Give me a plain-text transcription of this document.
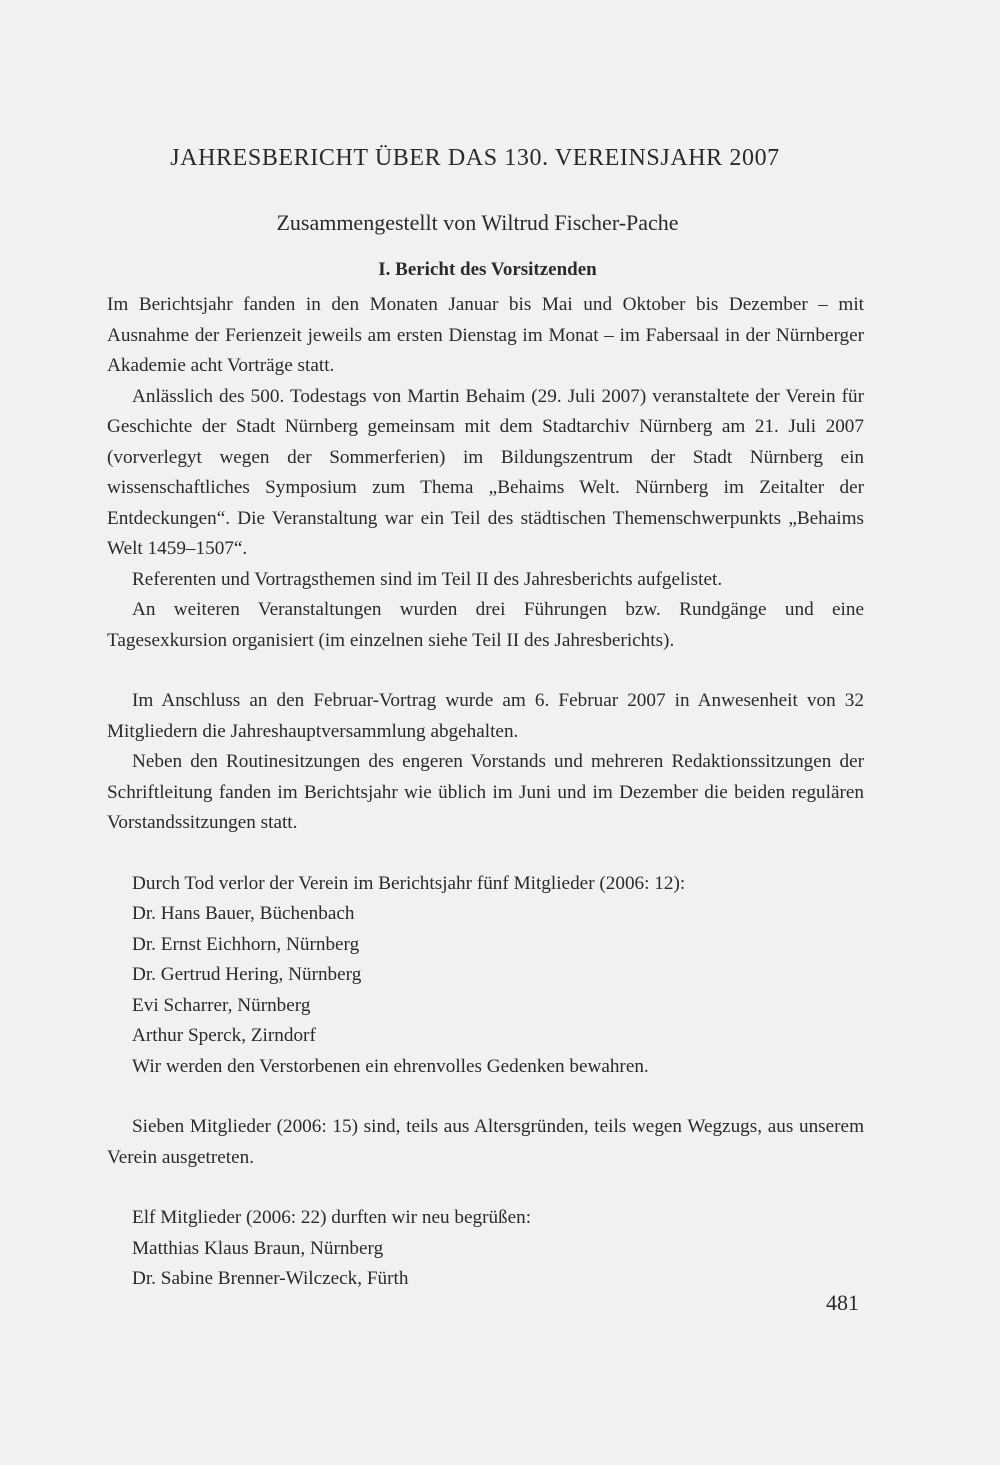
JAHRESBERICHT ÜBER DAS 130. VEREINSJAHR 2007

Zusammengestellt von Wiltrud Fischer-Pache

I. Bericht des Vorsitzenden

Im Berichtsjahr fanden in den Monaten Januar bis Mai und Oktober bis Dezember – mit Ausnahme der Ferienzeit jeweils am ersten Dienstag im Monat – im Fabersaal in der Nürnberger Akademie acht Vorträge statt.

Anlässlich des 500. Todestags von Martin Behaim (29. Juli 2007) veranstaltete der Verein für Geschichte der Stadt Nürnberg gemeinsam mit dem Stadtarchiv Nürnberg am 21. Juli 2007 (vorverlegyt wegen der Sommerferien) im Bildungszentrum der Stadt Nürnberg ein wissenschaftliches Symposium zum Thema „Behaims Welt. Nürnberg im Zeitalter der Entdeckungen“. Die Veranstaltung war ein Teil des städtischen Themenschwerpunkts „Behaims Welt 1459–1507“.

Referenten und Vortragsthemen sind im Teil II des Jahresberichts aufgelistet.

An weiteren Veranstaltungen wurden drei Führungen bzw. Rundgänge und eine Tagesexkursion organisiert (im einzelnen siehe Teil II des Jahresberichts).

Im Anschluss an den Februar-Vortrag wurde am 6. Februar 2007 in Anwesenheit von 32 Mitgliedern die Jahreshauptversammlung abgehalten.

Neben den Routinesitzungen des engeren Vorstands und mehreren Redaktionssitzungen der Schriftleitung fanden im Berichtsjahr wie üblich im Juni und im Dezember die beiden regulären Vorstandssitzungen statt.

Durch Tod verlor der Verein im Berichtsjahr fünf Mitglieder (2006: 12):

Dr. Hans Bauer, Büchenbach

Dr. Ernst Eichhorn, Nürnberg

Dr. Gertrud Hering, Nürnberg

Evi Scharrer, Nürnberg

Arthur Sperck, Zirndorf

Wir werden den Verstorbenen ein ehrenvolles Gedenken bewahren.

Sieben Mitglieder (2006: 15) sind, teils aus Altersgründen, teils wegen Wegzugs, aus unserem Verein ausgetreten.

Elf Mitglieder (2006: 22) durften wir neu begrüßen:

Matthias Klaus Braun, Nürnberg

Dr. Sabine Brenner-Wilczeck, Fürth

481
